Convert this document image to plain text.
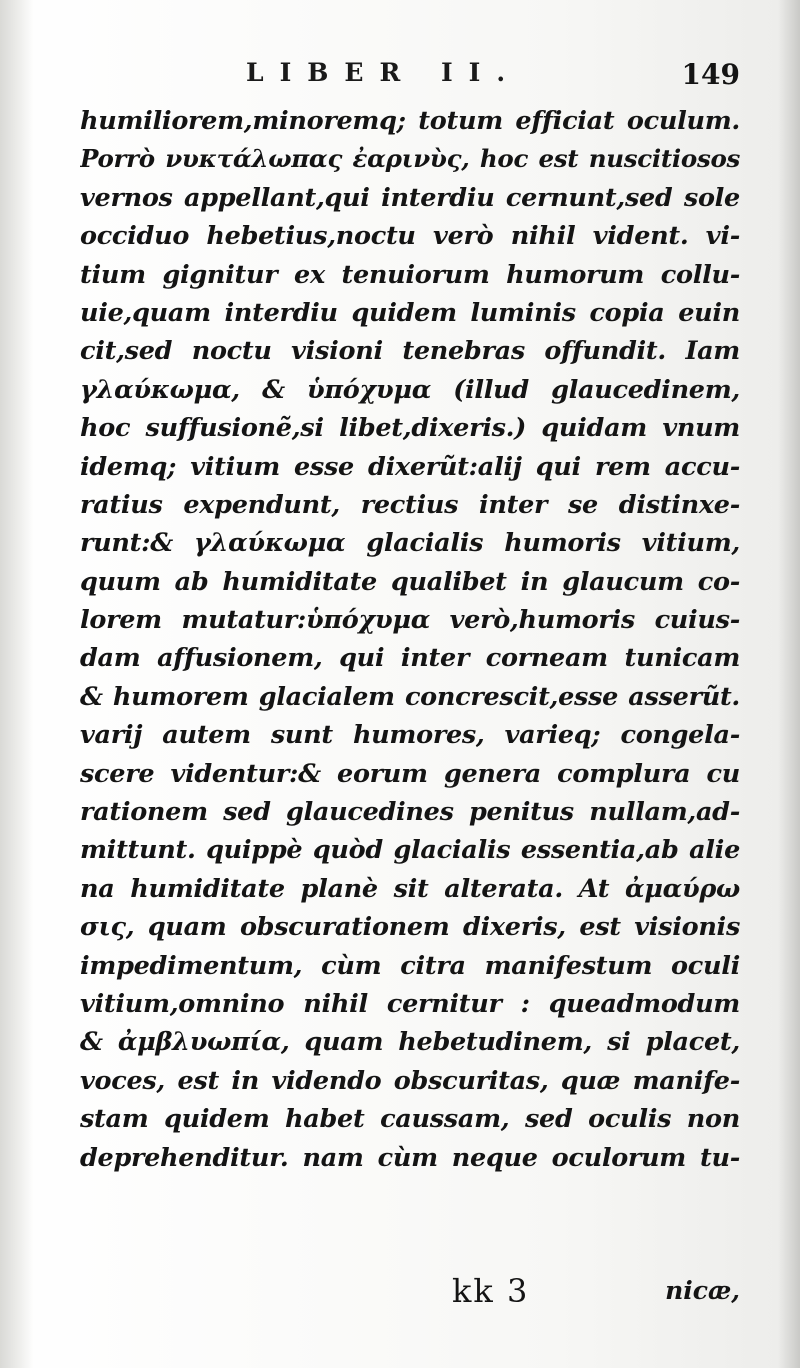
LIBER II.	149
humiliorem,minoremq; totum efficiat oculum.
Porrò νυκτάλωπας ἐαρινὺς, hoc est nuscitiosos
vernos appellant,qui interdiu cernunt,sed sole
occiduo hebetius,noctu verò nihil vident. vi-
tium gignitur ex tenuiorum humorum collu-
uie,quam interdiu quidem luminis copia euin
cit,sed noctu visioni tenebras offundit. Iam
γλαύκωμα, & ὑπόχυμα (illud glaucedinem,
hoc suffusionẽ,si libet,dixeris.) quidam vnum
idemq; vitium esse dixerũt:alij qui rem accu-
ratius expendunt, rectius inter se distinxe-
runt:& γλαύκωμα glacialis humoris vitium,
quum ab humiditate qualibet in glaucum co-
lorem mutatur:ὑπόχυμα verò,humoris cuius-
dam affusionem, qui inter corneam tunicam
& humorem glacialem concrescit,esse asserũt.
varij autem sunt humores, varieq; congela-
scere videntur:& eorum genera complura cu
rationem sed glaucedines penitus nullam,ad-
mittunt. quippè quòd glacialis essentia,ab alie
na humiditate planè sit alterata. At ἀμαύρω
σις, quam obscurationem dixeris, est visionis
impedimentum, cùm citra manifestum oculi
vitium,omnino nihil cernitur : queadmodum
& ἀμβλυωπία, quam hebetudinem, si placet,
voces, est in videndo obscuritas, quæ manife-
stam quidem habet caussam, sed oculis non
deprehenditur. nam cùm neque oculorum tu-
kk 3	nicæ,
